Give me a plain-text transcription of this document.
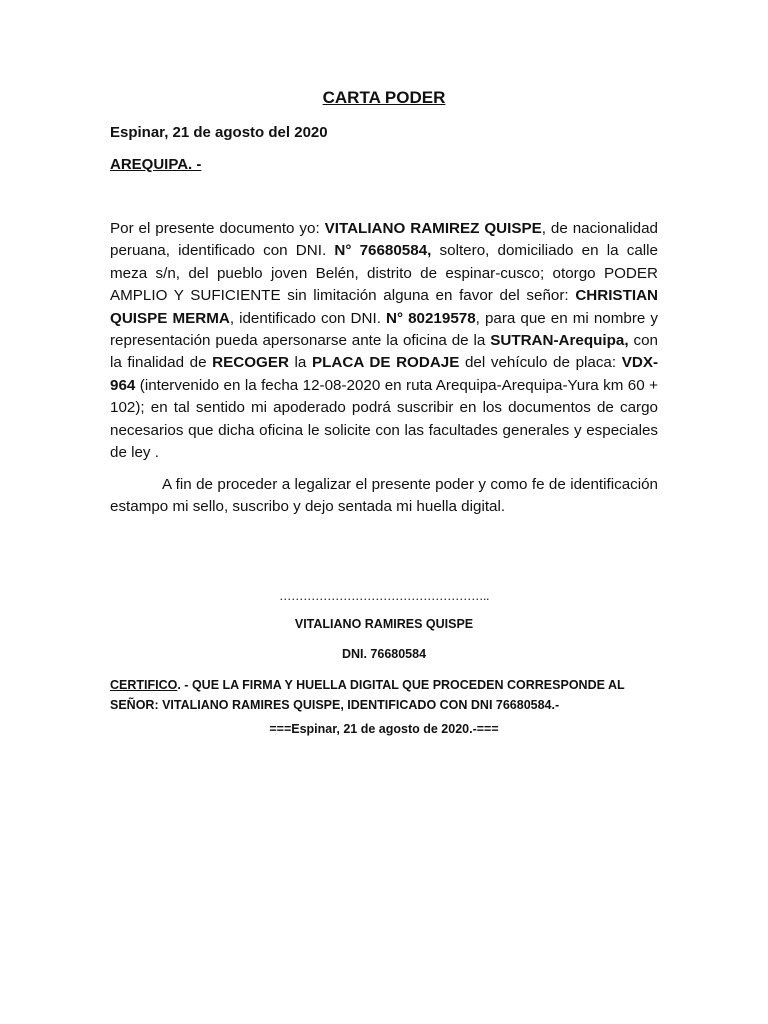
CARTA PODER
Espinar, 21 de agosto del 2020
AREQUIPA. -
Por el presente documento yo: VITALIANO RAMIREZ QUISPE, de nacionalidad peruana, identificado con DNI. N° 76680584, soltero, domiciliado en la calle meza s/n, del pueblo joven Belén, distrito de espinar-cusco; otorgo PODER AMPLIO Y SUFICIENTE sin limitación alguna en favor del señor: CHRISTIAN QUISPE MERMA, identificado con DNI. N° 80219578, para que en mi nombre y representación pueda apersonarse ante la oficina de la SUTRAN-Arequipa, con la finalidad de RECOGER la PLACA DE RODAJE del vehículo de placa: VDX-964 (intervenido en la fecha 12-08-2020 en ruta Arequipa-Arequipa-Yura km 60 + 102); en tal sentido mi apoderado podrá suscribir en los documentos de cargo necesarios que dicha oficina le solicite con las facultades generales y especiales de ley .
A fin de proceder a legalizar el presente poder y como fe de identificación estampo mi sello, suscribo y dejo sentada mi huella digital.
……………………………………………..
VITALIANO RAMIRES QUISPE
DNI. 76680584
CERTIFICO. - QUE LA FIRMA Y HUELLA DIGITAL QUE PROCEDEN CORRESPONDE AL SEÑOR: VITALIANO RAMIRES QUISPE, IDENTIFICADO CON DNI 76680584.-
===Espinar, 21 de agosto de 2020.-===
